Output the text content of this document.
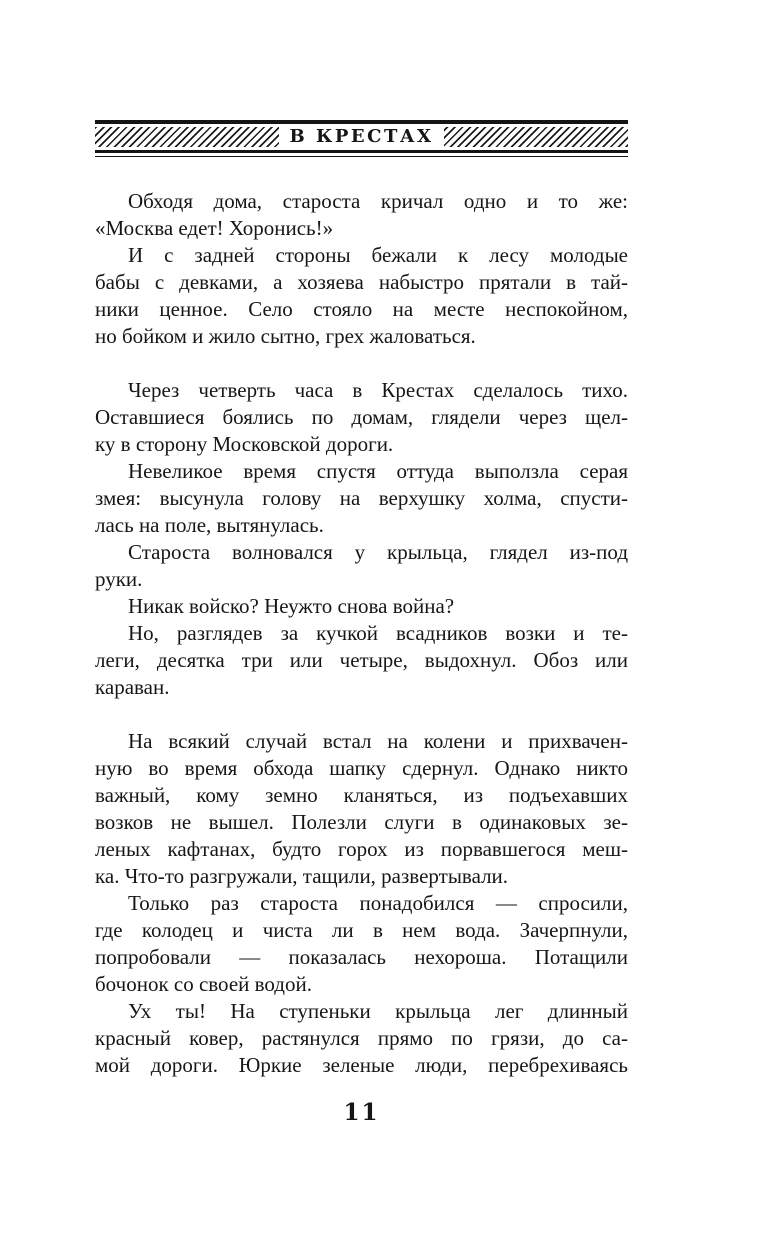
В КРЕСТАХ
Обходя дома, староста кричал одно и то же:
«Москва едет! Хоронись!»
И с задней стороны бежали к лесу молодые
бабы с девками, а хозяева набыстро прятали в тай-
ники ценное. Село стояло на месте неспокойном,
но бойком и жило сытно, грех жаловаться.
Через четверть часа в Крестах сделалось тихо.
Оставшиеся боялись по домам, глядели через щел-
ку в сторону Московской дороги.
Невеликое время спустя оттуда выползла серая
змея: высунула голову на верхушку холма, спусти-
лась на поле, вытянулась.
Староста волновался у крыльца, глядел из-под
руки.
Никак войско? Неужто снова война?
Но, разглядев за кучкой всадников возки и те-
леги, десятка три или четыре, выдохнул. Обоз или
караван.
На всякий случай встал на колени и прихвачен-
ную во время обхода шапку сдернул. Однако никто
важный, кому земно кланяться, из подъехавших
возков не вышел. Полезли слуги в одинаковых зе-
леных кафтанах, будто горох из порвавшегося меш-
ка. Что-то разгружали, тащили, развертывали.
Только раз староста понадобился — спросили,
где колодец и чиста ли в нем вода. Зачерпнули,
попробовали — показалась нехороша. Потащили
бочонок со своей водой.
Ух ты! На ступеньки крыльца лег длинный
красный ковер, растянулся прямо по грязи, до са-
мой дороги. Юркие зеленые люди, перебрехиваясь
11
